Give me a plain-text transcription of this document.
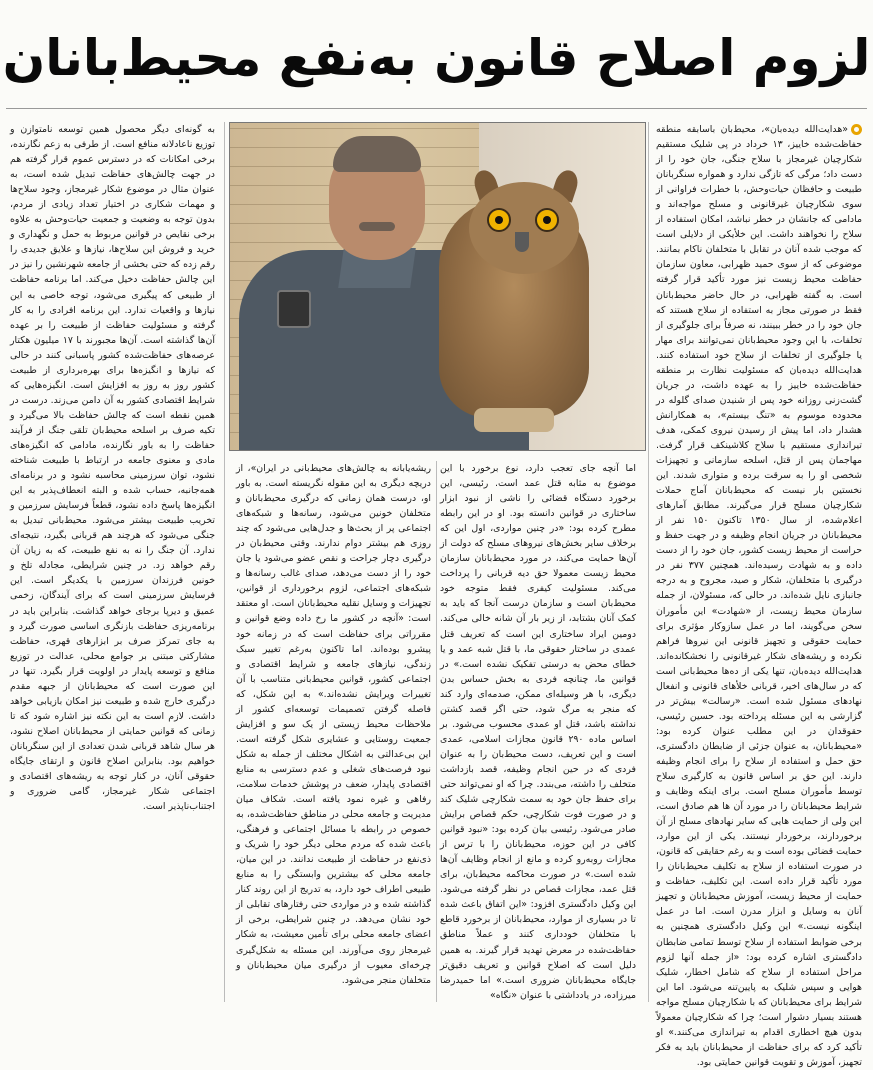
لزوم اصلاح قانون به‌نفع محیط‌بانان

«هدایت‌الله دیده‌بان»، محیط‌بان باسابقه منطقه حفاظت‌شده خاییز، ۱۳ خرداد در پی شلیک مستقیم شکارچیان غیرمجاز با سلاح جنگی، جان خود را از دست داد؛ مرگی که تازگی ندارد و همواره سنگربانان طبیعت و حافظان حیات‌وحش، با خطرات فراوانی از سوی شکارچیان غیرقانونی و مسلح مواجه‌اند و مادامی که جانشان در خطر نباشد، امکان استفاده از سلاح را نخواهند داشت. این خلأیکی از دلایلی است که موجب شده آنان در تقابل با متخلفان ناکام بمانند. موضوعی که از سوی حمید ظهرابی، معاون سازمان حفاظت محیط زیست نیز مورد تأکید قرار گرفته است. به گفته ظهرابی، در حال حاضر محیط‌بانان فقط در صورتی مجاز به استفاده از سلاح هستند که جان خود را در خطر ببینند، نه صرفاً برای جلوگیری از تخلفات، با این وجود محیط‌بانان نمی‌توانند برای مهار یا جلوگیری از تخلفات از سلاح خود استفاده کنند. هدایت‌الله دیده‌بان که مسئولیت نظارت بر منطقه حفاظت‌شده خاییز را به عهده داشت، در جریان گشت‌زنی روزانه خود پس از شنیدن صدای گلوله در محدوده موسوم به «تنگ بیستم»، به همکارانش هشدار داد، اما پیش از رسیدن نیروی کمکی، هدف تیراندازی مستقیم با سلاح کلاشینکف قرار گرفت. مهاجمان پس از قتل، اسلحه سازمانی و تجهیزات شخصی او را به سرقت برده و متواری شدند. این نخستین بار نیست که محیط‌بانان آماج حملات شکارچیان مسلح قرار می‌گیرند. مطابق آمارهای اعلام‌شده، از سال ۱۳۵۰ تاکنون ۱۵۰ نفر از محیط‌بانان در جریان انجام وظیفه و در جهت حفظ و حراست از محیط زیست کشور، جان خود را از دست داده و به شهادت رسیده‌اند. همچنین ۳۷۷ نفر در درگیری با متخلفان، شکار و صید، مجروح و به درجه جانبازی نایل شده‌اند. در حالی که، مسئولان، از جمله سازمان محیط زیست، از «شهادت» این مأموران سخن می‌گویند، اما در عمل سازوکار مؤثری برای حمایت حقوقی و تجهیز قانونی این نیروها فراهم نکرده و ریشه‌های شکار غیرقانونی را نخشکانده‌اند. هدایت‌الله دیده‌بان، تنها یکی از ده‌ها محیط‌بانی است که در سال‌های اخیر، قربانی خلأهای قانونی و انفعال نهادهای مسئول شده است. «رسالت» بیش‌تر در گزارشی به این مسئله پرداخته بود. حسین رئیسی، حقوقدان در این مطلب عنوان کرده بود: «محیط‌بانان، به عنوان جزئی از ضابطان دادگستری، حق حمل و استفاده از سلاح را برای انجام وظیفه دارند. این حق بر اساس قانون به کارگیری سلاح توسط مأموران مسلح است. برای اینکه وظایف و شرایط محیط‌بانان را در مورد آن ها هم صادق است، این ولی از حمایت هایی که سایر نهادهای مسلح از آن برخوردارند، برخوردار نیستند. یکی از این موارد، حمایت قضائی بوده است و به رغم حقایقی که قانون، در صورت استفاده از سلاح به تکلیف محیط‌بانان را مورد تأکید قرار داده است. این تکلیف، حفاظت و حمایت از محیط زیست، آموزش محیط‌بانان و تجهیز آنان به وسایل و ابزار مدرن است. اما در عمل اینگونه نیست.» این وکیل دادگستری همچنین به برخی ضوابط استفاده از سلاح توسط تمامی ضابطان دادگستری اشاره کرده بود: «از جمله آنها لزوم مراحل استفاده از سلاح که شامل اخطار، شلیک هوایی و سپس شلیک به پایین‌تنه می‌شود. اما این شرایط برای محیط‌بانان که با شکارچیان مسلح مواجه هستند بسیار دشوار است؛ چرا که شکارچیان معمولاً بدون هیچ اخطاری اقدام به تیراندازی می‌کنند.» او تأکید کرد که برای حفاظت از محیط‌بانان باید به فکر تجهیز، آموزش و تقویت قوانین حمایتی بود.

اما آنچه جای تعجب دارد، نوع برخورد با این موضوع به مثابه قتل عمد است. رئیسی، این برخورد دستگاه قضائی را ناشی از نبود ابزار ساختاری در قوانین دانسته بود. او در این رابطه مطرح کرده بود: «در چنین مواردی، اول این که برخلاف سایر بخش‌های نیروهای مسلح که دولت از آن‌ها حمایت می‌کند، در مورد محیط‌بانان سازمان محیط زیست معمولا حق دیه قربانی را پرداخت می‌کند. مسئولیت کیفری فقط متوجه خود محیط‌بان است و سازمان درست آنجا که باید به کمک آنان بشتابد، از زیر بار آن شانه خالی می‌کند. دومین ایراد ساختاری این است که تعریف قتل عمدی در ساختار حقوقی ما، با قتل شبه عمد و یا خطای محض به درستی تفکیک نشده است.» در قوانین ما، چنانچه فردی به بخش حساس بدن دیگری، با هر وسیله‌ای ممکن، صدمه‌ای وارد کند که منجر به مرگ شود، حتی اگر قصد کشتن نداشته باشد، قتل او عمدی محسوب می‌شود. بر اساس ماده ۲۹۰ قانون مجازات اسلامی، عمدی است و این تعریف، دست محیط‌بان را به عنوان فردی که در حین انجام وظیفه، قصد بازداشت متخلف را داشته، می‌بندد. چرا که او نمی‌تواند حتی برای حفظ جان خود به سمت شکارچی شلیک کند و در صورت فوت شکارچی، حکم قصاص برایش صادر می‌شود. رئیسی بیان کرده بود: «نبود قوانین کافی در این حوزه، محیط‌بانان را با ترس از مجازات روبه‌رو کرده و مانع از انجام وظایف آن‌ها شده است.» در صورت محاکمه محیط‌بان، برای قتل عمد، مجازات قصاص در نظر گرفته می‌شود. این وکیل دادگستری افزود: «این اتفاق باعث شده تا در بسیاری از موارد، محیط‌بانان از برخورد قاطع با متخلفان خودداری کنند و عملاً مناطق حفاظت‌شده در معرض تهدید قرار گیرند. به همین دلیل است که اصلاح قوانین و تعریف دقیق‌تر جایگاه محیط‌بانان ضروری است.» اما حمیدرضا میرزاده، در یادداشتی با عنوان «نگاه»

ریشه‌یابانه به چالش‌های محیط‌بانی در ایران»، از دریچه دیگری به این مقوله نگریسته است. به باور او، درست همان زمانی که درگیری محیط‌بانان و متخلفان خونین می‌شود، رسانه‌ها و شبکه‌های اجتماعی پر از بحث‌ها و جدل‌هایی می‌شود که چند روزی هم بیشتر دوام ندارند. وقتی محیط‌بان در درگیری دچار جراحت و نقص عضو می‌شود یا جان خود را از دست می‌دهد، صدای غالب رسانه‌ها و شبکه‌های اجتماعی، لزوم برخورداری از قوانین، تجهیزات و وسایل نقلیه محیط‌بانان است. او معتقد است: «آنچه در کشور ما رخ داده وضع قوانین و مقرراتی برای حفاظت است که در زمانه خود پیشرو بوده‌اند. اما تاکنون به‌رغم تغییر سبک زندگی، نیازهای جامعه و شرایط اقتصادی و اجتماعی کشور، قوانین محیط‌بانی متناسب با آن تغییرات ویرایش نشده‌اند.» به این شکل، که فاصله گرفتن تصمیمات توسعه‌ای کشور از ملاحظات محیط زیستی از یک سو و افزایش جمعیت روستایی و عشایری شکل گرفته است. این بی‌عدالتی به اشکال مختلف از جمله به شکل نبود فرصت‌های شغلی و عدم دسترسی به منابع اقتصادی پایدار، ضعف در پوشش خدمات سلامت، رفاهی و غیره نمود یافته است. شکاف میان مدیریت و جامعه محلی در مناطق حفاظت‌شده، به خصوص در رابطه با مسائل اجتماعی و فرهنگی، باعث شده که مردم محلی دیگر خود را شریک و ذی‌نفع در حفاظت از طبیعت ندانند. در این میان، جامعه محلی که بیشترین وابستگی را به منابع طبیعی اطراف خود دارد، به تدریج از این روند کنار گذاشته شده و در مواردی حتی رفتارهای تقابلی از خود نشان می‌دهد. در چنین شرایطی، برخی از اعضای جامعه محلی برای تأمین معیشت، به شکار غیرمجاز روی می‌آورند. این مسئله به شکل‌گیری چرخه‌ای معیوب از درگیری میان محیط‌بانان و متخلفان منجر می‌شود.

به گونه‌ای دیگر محصول همین توسعه نامتوازن و توزیع ناعادلانه منافع است. از طرفی به زعم نگارنده، برخی امکانات که در دسترس عموم قرار گرفته هم در جهت چالش‌های حفاظت تبدیل شده است، به عنوان مثال در موضوع شکار غیرمجاز، وجود سلاح‌ها و مهمات شکاری در اختیار تعداد زیادی از مردم، بدون توجه به وضعیت و جمعیت حیات‌وحش به علاوه برخی نقایص در قوانین مربوط به حمل و نگهداری و خرید و فروش این سلاح‌ها، نیازها و علایق جدیدی را رقم زده که حتی بخشی از جامعه شهرنشین را نیز در این چالش حفاظت دخیل می‌کند. اما برنامه حفاظت از طبیعی که پیگیری می‌شود، توجه خاصی به این نیازها و واقعیات ندارد. این برنامه افرادی را به کار گرفته و مسئولیت حفاظت از طبیعت را بر عهده آن‌ها گذاشته است. آن‌ها مجبورند با ۱۷ میلیون هکتار عرصه‌های حفاظت‌شده کشور پاسبانی کنند در حالی که نیازها و انگیزه‌ها برای بهره‌برداری از طبیعت کشور روز به روز به افزایش است. انگیزه‌هایی که شرایط اقتصادی کشور به آن دامن می‌زند. درست در همین نقطه است که چالش حفاظت بالا می‌گیرد و تکیه صرف بر اسلحه محیط‌بان تلقی جنگ از فرآیند حفاظت را به باور نگارنده، مادامی که انگیزه‌های مادی و معنوی جامعه در ارتباط با طبیعت شناخته نشود، توان سرزمینی محاسبه نشود و در برنامه‌ای همه‌جانبه، حساب شده و البته انعطاف‌پذیر به این انگیزه‌ها پاسخ داده نشود، قطعاً فرسایش سرزمین و تخریب طبیعت بیشتر می‌شود. محیط‌بانی تبدیل به جنگی می‌شود که هرچند هم قربانی بگیرد، نتیجه‌ای ندارد. آن جنگ را نه به نفع طبیعت، که به زیان آن رقم خواهد زد. در چنین شرایطی، مجادله تلخ و خونین فرزندان سرزمین با یکدیگر است. این فرسایش سرزمینی است که برای آیندگان، زخمی عمیق و دیرپا برجای خواهد گذاشت. بنابراین باید در برنامه‌ریزی حفاظت بازنگری اساسی صورت گیرد و به جای تمرکز صرف بر ابزارهای قهری، حفاظت مشارکتی مبتنی بر جوامع محلی، عدالت در توزیع منافع و توسعه پایدار در اولویت قرار بگیرد. تنها در این صورت است که محیط‌بانان از جبهه مقدم درگیری خارج شده و طبیعت نیز امکان بازیابی خواهد داشت. لازم است به این نکته نیز اشاره شود که تا زمانی که قوانین حمایتی از محیط‌بانان اصلاح نشود، هر سال شاهد قربانی شدن تعدادی از این سنگربانان خواهیم بود. بنابراین اصلاح قانون و ارتقای جایگاه حقوقی آنان، در کنار توجه به ریشه‌های اقتصادی و اجتماعی شکار غیرمجاز، گامی ضروری و اجتناب‌ناپذیر است.
